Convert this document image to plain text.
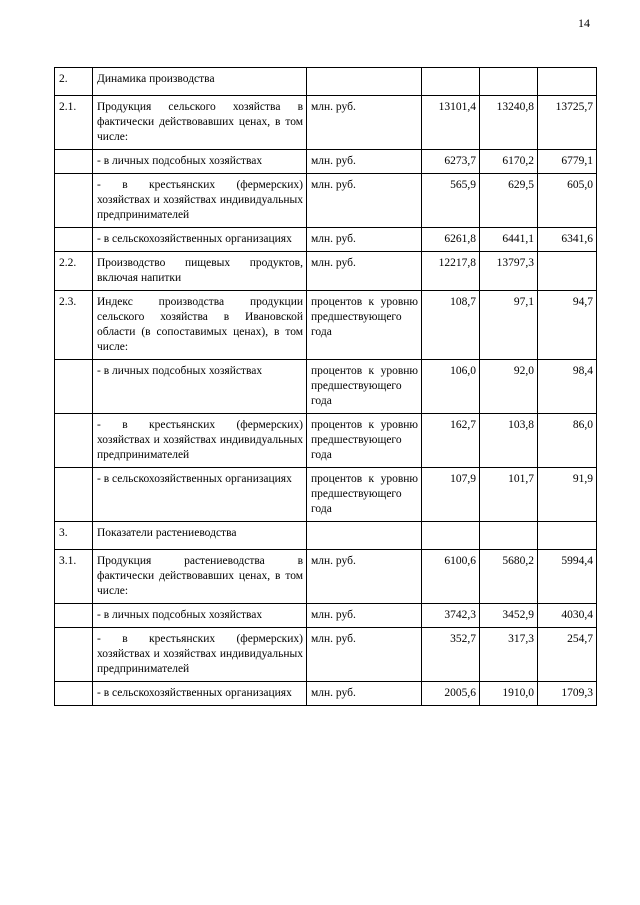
14
2.	Динамика производства				
2.1.	Продукция сельского хозяйства в фактически действовавших ценах, в том числе:	млн. руб.	13101,4	13240,8	13725,7
	- в личных подсобных хозяйствах	млн. руб.	6273,7	6170,2	6779,1
	- в крестьянских (фермерских) хозяйствах и хозяйствах индивидуальных предпринимателей	млн. руб.	565,9	629,5	605,0
	- в сельскохозяйственных организациях	млн. руб.	6261,8	6441,1	6341,6
2.2.	Производство пищевых продуктов, включая напитки	млн. руб.	12217,8	13797,3	
2.3.	Индекс производства продукции сельского хозяйства в Ивановской области (в сопоставимых ценах), в том числе:	процентов к уровню предшествующего года	108,7	97,1	94,7
	- в личных подсобных хозяйствах	процентов к уровню предшествующего года	106,0	92,0	98,4
	- в крестьянских (фермерских) хозяйствах и хозяйствах индивидуальных предпринимателей	процентов к уровню предшествующего года	162,7	103,8	86,0
	- в сельскохозяйственных организациях	процентов к уровню предшествующего года	107,9	101,7	91,9
3.	Показатели растениеводства				
3.1.	Продукция растениеводства в фактически действовавших ценах, в том числе:	млн. руб.	6100,6	5680,2	5994,4
	- в личных подсобных хозяйствах	млн. руб.	3742,3	3452,9	4030,4
	- в крестьянских (фермерских) хозяйствах и хозяйствах индивидуальных предпринимателей	млн. руб.	352,7	317,3	254,7
	- в сельскохозяйственных организациях	млн. руб.	2005,6	1910,0	1709,3
